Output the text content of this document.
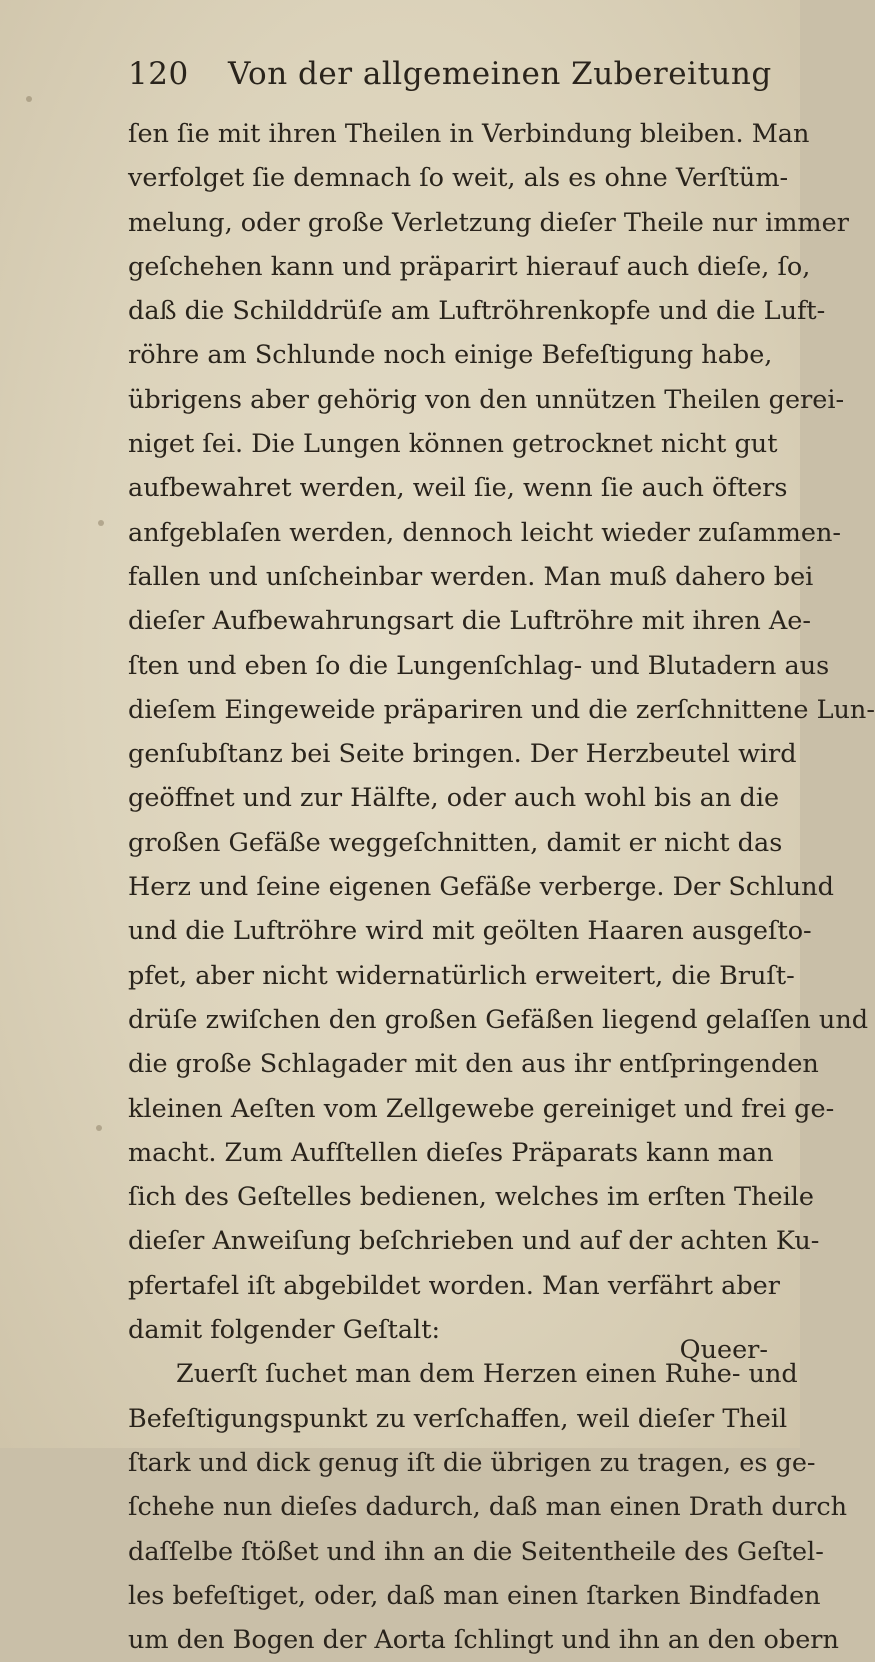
120 Von der allgemeinen Zubereitung
ſen ſie mit ihren Theilen in Verbindung bleiben. Man
verfolget ſie demnach ſo weit, als es ohne Verſtüm-
melung, oder große Verletzung dieſer Theile nur immer
geſchehen kann und präparirt hierauf auch dieſe, ſo,
daß die Schilddrüſe am Luftröhrenkopfe und die Luft-
röhre am Schlunde noch einige Befeſtigung habe,
übrigens aber gehörig von den unnützen Theilen gerei-
niget ſei. Die Lungen können getrocknet nicht gut
aufbewahret werden, weil ſie, wenn ſie auch öfters
anfgeblaſen werden, dennoch leicht wieder zuſammen-
fallen und unſcheinbar werden. Man muß dahero bei
dieſer Aufbewahrungsart die Luftröhre mit ihren Ae-
ſten und eben ſo die Lungenſchlag- und Blutadern aus
dieſem Eingeweide präpariren und die zerſchnittene Lun-
genſubſtanz bei Seite bringen. Der Herzbeutel wird
geöffnet und zur Hälfte, oder auch wohl bis an die
großen Gefäße weggeſchnitten, damit er nicht das
Herz und ſeine eigenen Gefäße verberge. Der Schlund
und die Luftröhre wird mit geölten Haaren ausgeſto-
pfet, aber nicht widernatürlich erweitert, die Bruſt-
drüſe zwiſchen den großen Gefäßen liegend gelaſſen und
die große Schlagader mit den aus ihr entſpringenden
kleinen Aeſten vom Zellgewebe gereiniget und frei ge-
macht. Zum Aufſtellen dieſes Präparats kann man
ſich des Geſtelles bedienen, welches im erſten Theile
dieſer Anweiſung beſchrieben und auf der achten Ku-
pfertafel iſt abgebildet worden. Man verfährt aber
damit folgender Geſtalt:
Zuerſt ſuchet man dem Herzen einen Ruhe- und
Befeſtigungspunkt zu verſchaffen, weil dieſer Theil
ſtark und dick genug iſt die übrigen zu tragen, es ge-
ſchehe nun dieſes dadurch, daß man einen Drath durch
daſſelbe ſtößet und ihn an die Seitentheile des Geſtel-
les befeſtiget, oder, daß man einen ſtarken Bindfaden
um den Bogen der Aorta ſchlingt und ihn an den obern
Queer-
